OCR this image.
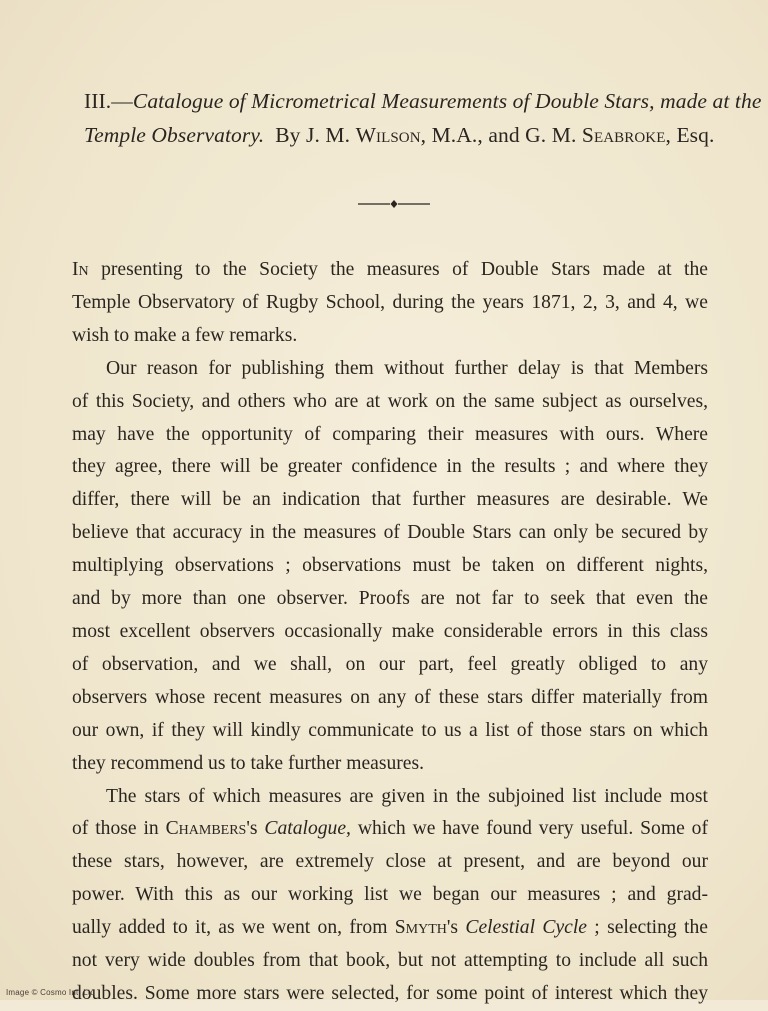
III.—Catalogue of Micrometrical Measurements of Double Stars, made at the
Temple Observatory. By J. M. Wilson, M.A., and G. M. Seabroke, Esq.

In presenting to the Society the measures of Double Stars made at the
Temple Observatory of Rugby School, during the years 1871, 2, 3, and 4, we
wish to make a few remarks.

Our reason for publishing them without further delay is that Members
of this Society, and others who are at work on the same subject as ourselves,
may have the opportunity of comparing their measures with ours. Where
they agree, there will be greater confidence in the results ; and where they
differ, there will be an indication that further measures are desirable. We
believe that accuracy in the measures of Double Stars can only be secured by
multiplying observations ; observations must be taken on different nights,
and by more than one observer. Proofs are not far to seek that even the
most excellent observers occasionally make considerable errors in this class
of observation, and we shall, on our part, feel greatly obliged to any
observers whose recent measures on any of these stars differ materially from
our own, if they will kindly communicate to us a list of those stars on which
they recommend us to take further measures.

The stars of which measures are given in the subjoined list include most
of those in Chambers's Catalogue, which we have found very useful. Some of
these stars, however, are extremely close at present, and are beyond our
power. With this as our working list we began our measures ; and grad-
ually added to it, as we went on, from Smyth's Celestial Cycle ; selecting the
not very wide doubles from that book, but not attempting to include all such
doubles. Some more stars were selected, for some point of interest which they

Image © Cosmo Int. Ltd
